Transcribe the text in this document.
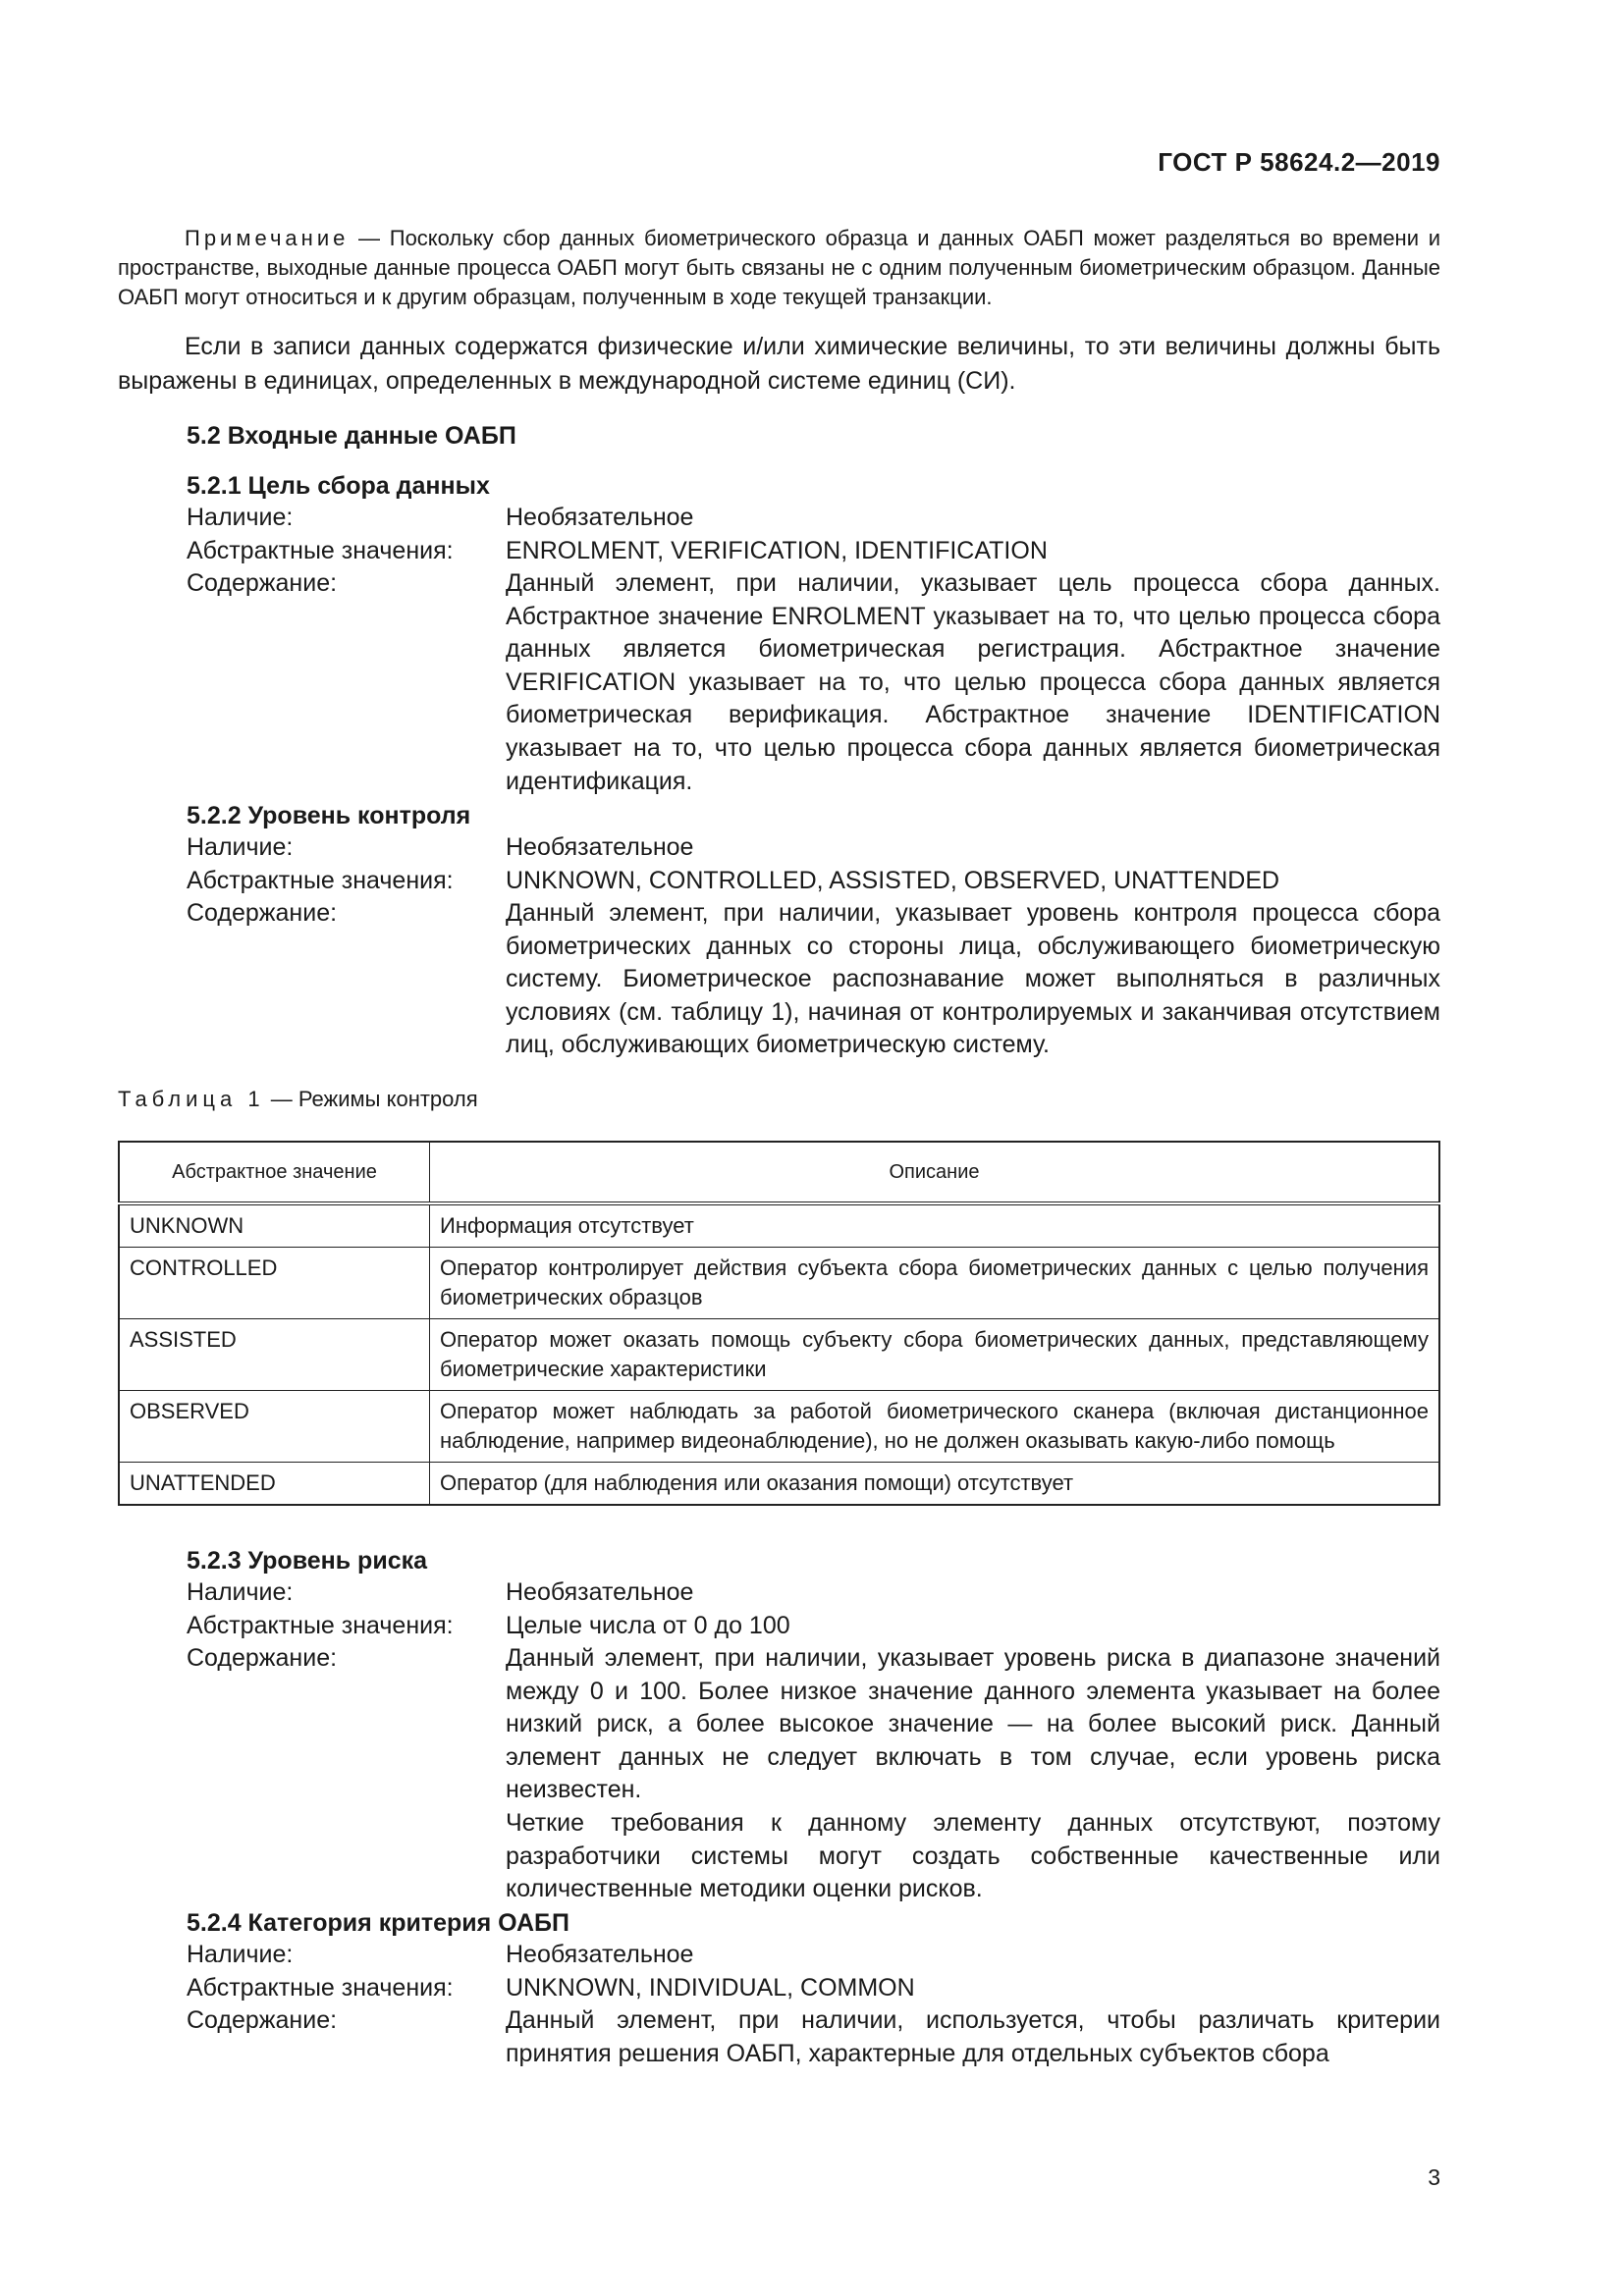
ГОСТ Р 58624.2—2019
Примечание — Поскольку сбор данных биометрического образца и данных ОАБП может разделяться во времени и пространстве, выходные данные процесса ОАБП могут быть связаны не с одним полученным биометрическим образцом. Данные ОАБП могут относиться и к другим образцам, полученным в ходе текущей транзакции.
Если в записи данных содержатся физические и/или химические величины, то эти величины должны быть выражены в единицах, определенных в международной системе единиц (СИ).
5.2 Входные данные ОАБП
5.2.1 Цель сбора данных
Наличие:	Необязательное
Абстрактные значения: ENROLMENT, VERIFICATION, IDENTIFICATION
Содержание:	Данный элемент, при наличии, указывает цель процесса сбора данных. Абстрактное значение ENROLMENT указывает на то, что целью процесса сбора данных является биометрическая регистрация. Абстрактное значение VERIFICATION указывает на то, что целью процесса сбора данных является биометрическая верификация. Абстрактное значение IDENTIFICATION указывает на то, что целью процесса сбора данных является биометрическая идентификация.
5.2.2 Уровень контроля
Наличие:	Необязательное
Абстрактные значения: UNKNOWN, CONTROLLED, ASSISTED, OBSERVED, UNATTENDED
Содержание:	Данный элемент, при наличии, указывает уровень контроля процесса сбора биометрических данных со стороны лица, обслуживающего биометрическую систему. Биометрическое распознавание может выполняться в различных условиях (см. таблицу 1), начиная от контролируемых и заканчивая отсутствием лиц, обслуживающих биометрическую систему.
Таблица 1 — Режимы контроля
Абстрактное значение	Описание
UNKNOWN	Информация отсутствует
CONTROLLED	Оператор контролирует действия субъекта сбора биометрических данных с целью получения биометрических образцов
ASSISTED	Оператор может оказать помощь субъекту сбора биометрических данных, представляющему биометрические характеристики
OBSERVED	Оператор может наблюдать за работой биометрического сканера (включая дистанционное наблюдение, например видеонаблюдение), но не должен оказывать какую-либо помощь
UNATTENDED	Оператор (для наблюдения или оказания помощи) отсутствует
5.2.3 Уровень риска
Наличие:	Необязательное
Абстрактные значения: Целые числа от 0 до 100
Содержание:	Данный элемент, при наличии, указывает уровень риска в диапазоне значений между 0 и 100. Более низкое значение данного элемента указывает на более низкий риск, а более высокое значение — на более высокий риск. Данный элемент данных не следует включать в том случае, если уровень риска неизвестен.
Четкие требования к данному элементу данных отсутствуют, поэтому разработчики системы могут создать собственные качественные или количественные методики оценки рисков.
5.2.4 Категория критерия ОАБП
Наличие:	Необязательное
Абстрактные значения: UNKNOWN, INDIVIDUAL, COMMON
Содержание:	Данный элемент, при наличии, используется, чтобы различать критерии принятия решения ОАБП, характерные для отдельных субъектов сбора
3
